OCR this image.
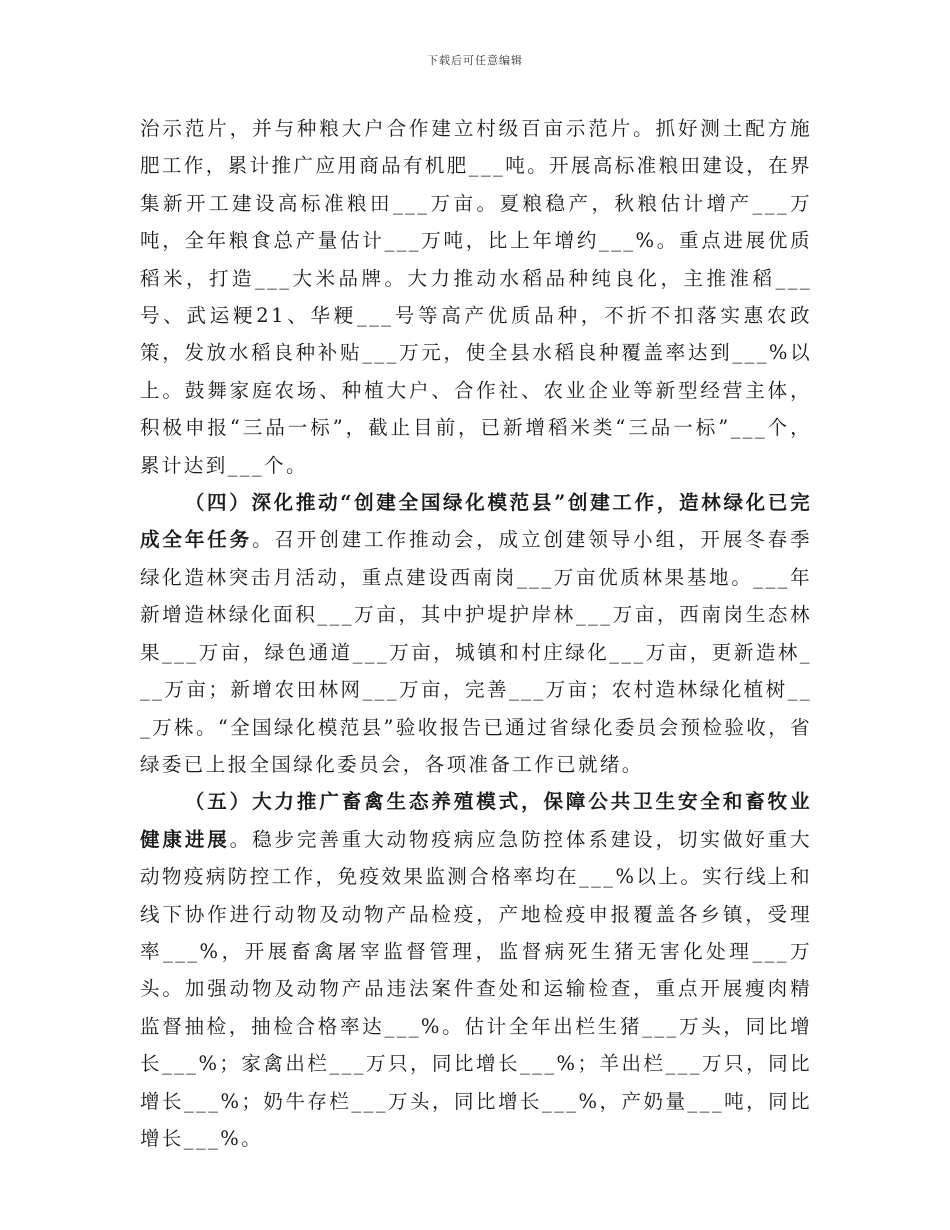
下载后可任意编辑

治示范片，并与种粮大户合作建立村级百亩示范片。抓好测土配方施肥工作，累计推广应用商品有机肥___吨。开展高标准粮田建设，在界集新开工建设高标准粮田___万亩。夏粮稳产，秋粮估计增产___万吨，全年粮食总产量估计___万吨，比上年增约___%。重点进展优质稻米，打造___大米品牌。大力推动水稻品种纯良化，主推淮稻___号、武运粳21、华粳___号等高产优质品种，不折不扣落实惠农政策，发放水稻良种补贴___万元，使全县水稻良种覆盖率达到___%以上。鼓舞家庭农场、种植大户、合作社、农业企业等新型经营主体，积极申报“三品一标”，截止目前，已新增稻米类“三品一标”___个，累计达到___个。

（四）深化推动“创建全国绿化模范县”创建工作，造林绿化已完成全年任务。召开创建工作推动会，成立创建领导小组，开展冬春季绿化造林突击月活动，重点建设西南岗___万亩优质林果基地。___年新增造林绿化面积___万亩，其中护堤护岸林___万亩，西南岗生态林果___万亩，绿色通道___万亩，城镇和村庄绿化___万亩，更新造林___万亩；新增农田林网___万亩，完善___万亩；农村造林绿化植树___万株。“全国绿化模范县”验收报告已通过省绿化委员会预检验收，省绿委已上报全国绿化委员会，各项准备工作已就绪。

（五）大力推广畜禽生态养殖模式，保障公共卫生安全和畜牧业健康进展。稳步完善重大动物疫病应急防控体系建设，切实做好重大动物疫病防控工作，免疫效果监测合格率均在___%以上。实行线上和线下协作进行动物及动物产品检疫，产地检疫申报覆盖各乡镇，受理率___%，开展畜禽屠宰监督管理，监督病死生猪无害化处理___万头。加强动物及动物产品违法案件查处和运输检查，重点开展瘦肉精监督抽检，抽检合格率达___%。估计全年出栏生猪___万头，同比增长___%；家禽出栏___万只，同比增长___%；羊出栏___万只，同比增长___%；奶牛存栏___万头，同比增长___%，产奶量___吨，同比增长___%。
